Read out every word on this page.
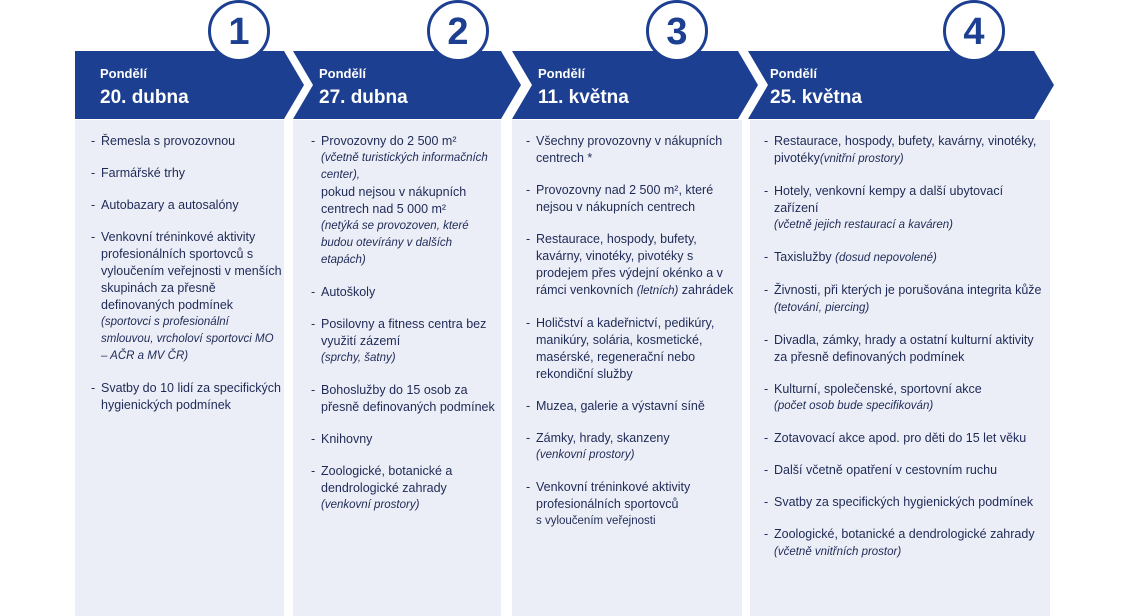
1	2	3	4
Pondělí
20. dubna
Pondělí
27. dubna
Pondělí
11. května
Pondělí
25. května
- Řemesla s provozovnou
- Farmářské trhy
- Autobazary a autosalóny
- Venkovní tréninkové aktivity profesionálních sportovců s vyloučením veřejnosti v menších skupinách za přesně definovaných podmínek
(sportovci s profesionální smlouvou, vrcholoví sportovci MO – AČR a MV ČR)
- Svatby do 10 lidí za specifických hygienických podmínek
- Provozovny do 2 500 m²
(včetně turistických informačních center),
pokud nejsou v nákupních centrech nad 5 000 m²
(netýká se provozoven, které budou otevírány v dalších etapách)
- Autoškoly
- Posilovny a fitness centra bez využití zázemí
(sprchy, šatny)
- Bohoslužby do 15 osob za přesně definovaných podmínek
- Knihovny
- Zoologické, botanické a dendrologické zahrady
(venkovní prostory)
- Všechny provozovny v nákupních centrech *
- Provozovny nad 2 500 m², které nejsou v nákupních centrech
- Restaurace, hospody, bufety, kavárny, vinotéky, pivotéky s prodejem přes výdejní okénko a v rámci venkovních (letních) zahrádek
- Holičství a kadeřnictví, pedikúry, manikúry, solária, kosmetické, masérské, regenerační nebo rekondiční služby
- Muzea, galerie a výstavní síně
- Zámky, hrady, skanzeny
(venkovní prostory)
- Venkovní tréninkové aktivity profesionálních sportovců
s vyloučením veřejnosti
- Restaurace, hospody, bufety, kavárny, vinotéky, pivotéky(vnitřní prostory)
- Hotely, venkovní kempy a další ubytovací zařízení
(včetně jejich restaurací a kaváren)
- Taxislužby (dosud nepovolené)
- Živnosti, při kterých je porušována integrita kůže (tetování, piercing)
- Divadla, zámky, hrady a ostatní kulturní aktivity za přesně definovaných podmínek
- Kulturní, společenské, sportovní akce
(počet osob bude specifikován)
- Zotavovací akce apod. pro děti do 15 let věku
- Další včetně opatření v cestovním ruchu
- Svatby za specifických hygienických podmínek
- Zoologické, botanické a dendrologické zahrady (včetně vnitřních prostor)
